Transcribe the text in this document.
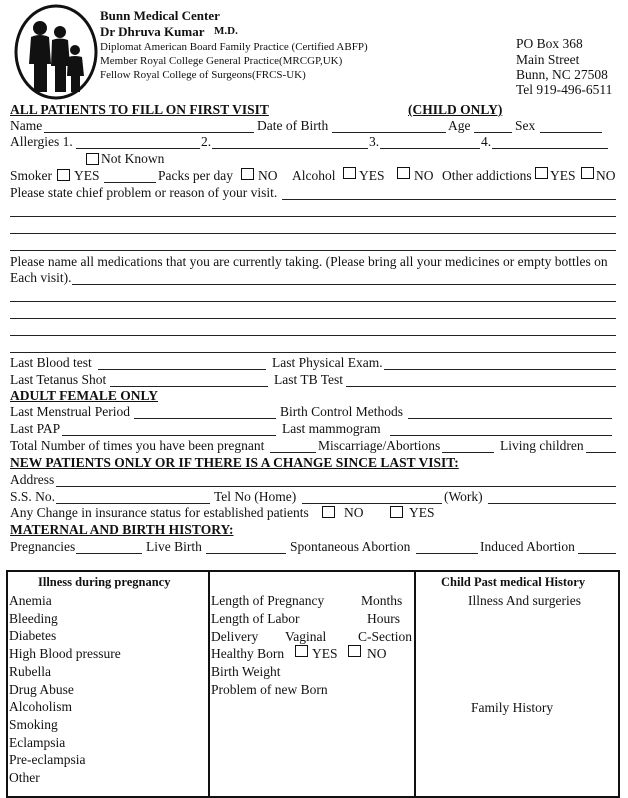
Bunn Medical Center
Dr Dhruva Kumar M.D.
Diplomat American Board Family Practice (Certified ABFP)
Member Royal College General Practice(MRCGP,UK)
Fellow Royal College of Surgeons(FRCS-UK)
PO Box 368
Main Street
Bunn, NC 27508
Tel 919-496-6511
ALL PATIENTS TO FILL ON FIRST VISIT	(CHILD ONLY)
Name	Date of Birth	Age	Sex
Allergies 1.	2.	3.	4.
Not Known
Smoker YES	Packs per day NO Alcohol YES NO Other addictions YES NO
Please state chief problem or reason of your visit.
Please name all medications that you are currently taking. (Please bring all your medicines or empty bottles on
Each visit).
Last Blood test	Last Physical Exam.
Last Tetanus Shot	Last TB Test
ADULT FEMALE ONLY
Last Menstrual Period	Birth Control Methods
Last PAP	Last mammogram
Total Number of times you have been pregnant	Miscarriage/Abortions	Living children
NEW PATIENTS ONLY OR IF THERE IS A CHANGE SINCE LAST VISIT:
Address
S.S. No.	Tel No (Home)	(Work)
Any Change in insurance status for established patients	NO	YES
MATERNAL AND BIRTH HISTORY:
Pregnancies	Live Birth	Spontaneous Abortion	Induced Abortion
Illness during pregnancy
Anemia
Bleeding
Diabetes
High Blood pressure
Rubella
Drug Abuse
Alcoholism
Smoking
Eclampsia
Pre-eclampsia
Other
Length of Pregnancy	Months
Length of Labor	Hours
Delivery Vaginal C-Section
Healthy Born YES NO
Birth Weight
Problem of new Born
Child Past medical History
Illness And surgeries
Family History
